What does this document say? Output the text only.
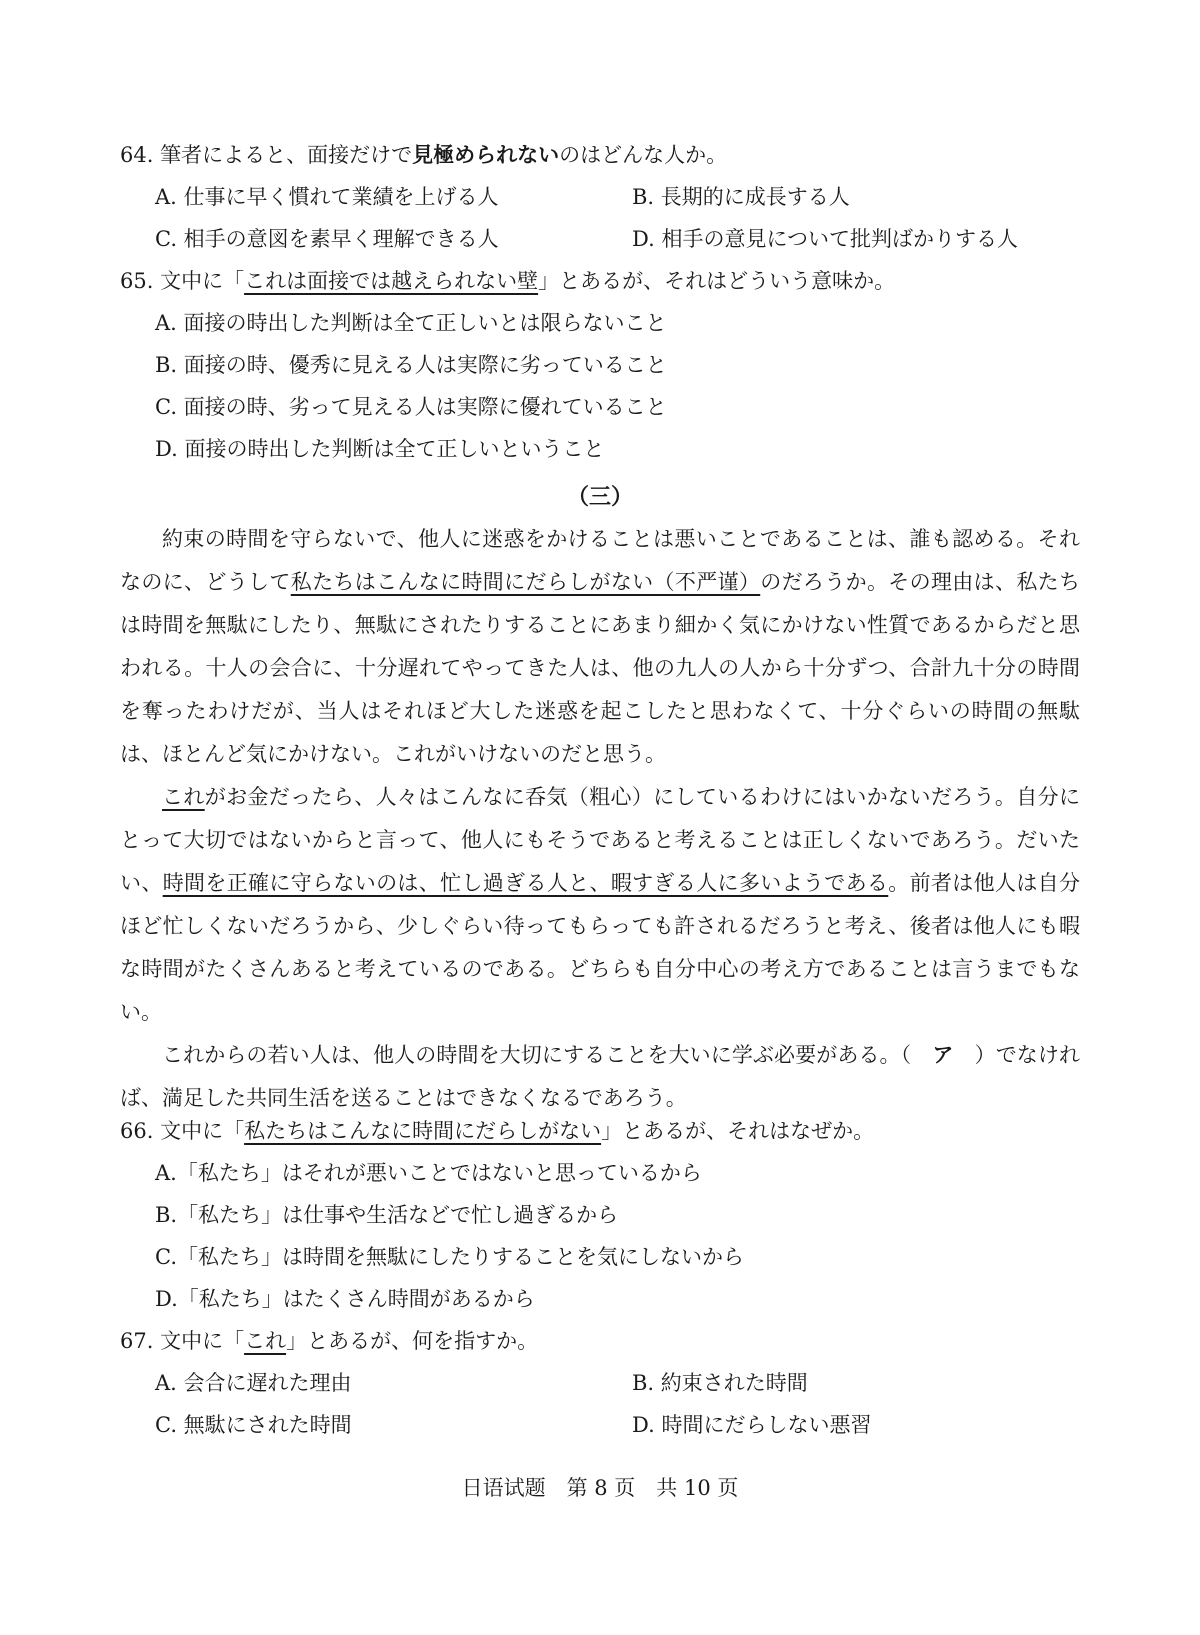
64. 筆者によると、面接だけで見極められないのはどんな人か。
A. 仕事に早く慣れて業績を上げる人	B. 長期的に成長する人
C. 相手の意図を素早く理解できる人	D. 相手の意見について批判ばかりする人
65. 文中に「これは面接では越えられない壁」とあるが、それはどういう意味か。
A. 面接の時出した判断は全て正しいとは限らないこと
B. 面接の時、優秀に見える人は実際に劣っていること
C. 面接の時、劣って見える人は実際に優れていること
D. 面接の時出した判断は全て正しいということ
（三）

約束の時間を守らないで、他人に迷惑をかけることは悪いことであることは、誰も認める。それなのに、どうして私たちはこんなに時間にだらしがない（不严谨）のだろうか。その理由は、私たちは時間を無駄にしたり、無駄にされたりすることにあまり細かく気にかけない性質であるからだと思われる。十人の会合に、十分遅れてやってきた人は、他の九人の人から十分ずつ、合計九十分の時間を奪ったわけだが、当人はそれほど大した迷惑を起こしたと思わなくて、十分ぐらいの時間の無駄は、ほとんど気にかけない。これがいけないのだと思う。

これがお金だったら、人々はこんなに呑気（粗心）にしているわけにはいかないだろう。自分にとって大切ではないからと言って、他人にもそうであると考えることは正しくないであろう。だいたい、時間を正確に守らないのは、忙し過ぎる人と、暇すぎる人に多いようである。前者は他人は自分ほど忙しくないだろうから、少しぐらい待ってもらっても許されるだろうと考え、後者は他人にも暇な時間がたくさんあると考えているのである。どちらも自分中心の考え方であることは言うまでもない。

これからの若い人は、他人の時間を大切にすることを大いに学ぶ必要がある。（　ア　）でなければ、満足した共同生活を送ることはできなくなるであろう。

66. 文中に「私たちはこんなに時間にだらしがない」とあるが、それはなぜか。
A.「私たち」はそれが悪いことではないと思っているから
B.「私たち」は仕事や生活などで忙し過ぎるから
C.「私たち」は時間を無駄にしたりすることを気にしないから
D.「私たち」はたくさん時間があるから
67. 文中に「これ」とあるが、何を指すか。
A. 会合に遅れた理由	B. 約束された時間
C. 無駄にされた時間	D. 時間にだらしない悪習
日语试题　第 8 页　共 10 页
